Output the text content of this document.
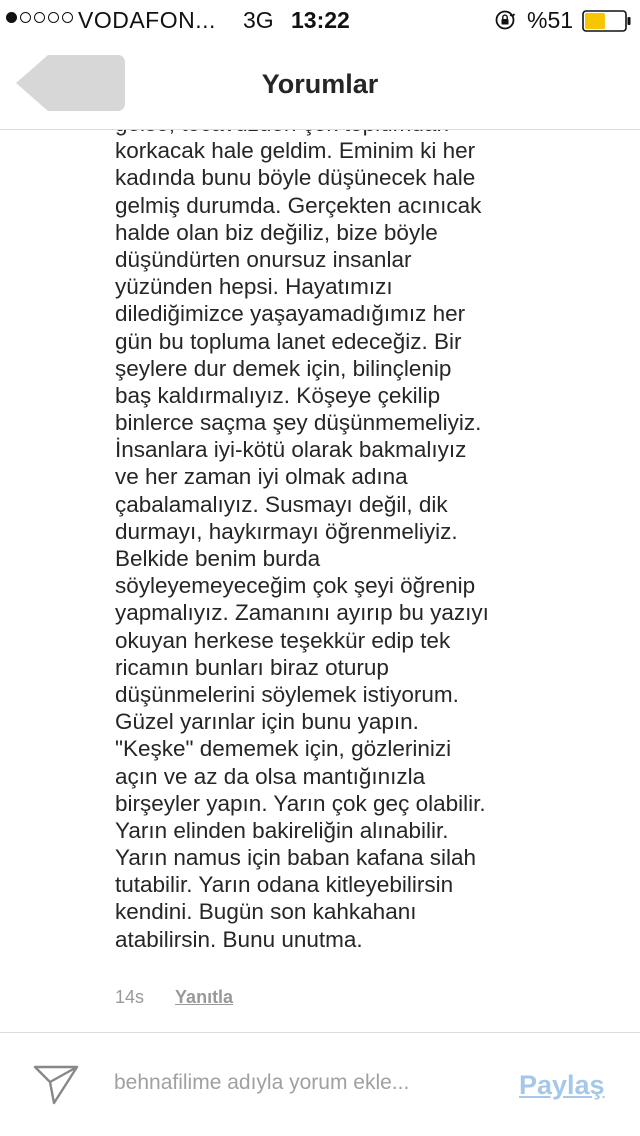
VODAFON... 3G 13:22	%51
Yorumlar
korkacak hale geldim. Eminim ki her
kadında bunu böyle düşünecek hale
gelmiş durumda. Gerçekten acınıcak
halde olan biz değiliz, bize böyle
düşündürten onursuz insanlar
yüzünden hepsi. Hayatımızı
dilediğimizce yaşayamadığımız her
gün bu topluma lanet edeceğiz. Bir
şeylere dur demek için, bilinçlenip
baş kaldırmalıyız. Köşeye çekilip
binlerce saçma şey düşünmemeliyiz.
İnsanlara iyi-kötü olarak bakmalıyız
ve her zaman iyi olmak adına
çabalamalıyız. Susmayı değil, dik
durmayı, haykırmayı öğrenmeliyiz.
Belkide benim burda
söyleyemeyeceğim çok şeyi öğrenip
yapmalıyız. Zamanını ayırıp bu yazıyı
okuyan herkese teşekkür edip tek
ricamın bunları biraz oturup
düşünmelerini söylemek istiyorum.
Güzel yarınlar için bunu yapın.
"Keşke" dememek için, gözlerinizi
açın ve az da olsa mantığınızla
birşeyler yapın. Yarın çok geç olabilir.
Yarın elinden bakireliğin alınabilir.
Yarın namus için baban kafana silah
tutabilir. Yarın odana kitleyebilirsin
kendini. Bugün son kahkahanı
atabilirsin. Bunu unutma.
14s Yanıtla
behnafilime adıyla yorum ekle...
Paylaş
